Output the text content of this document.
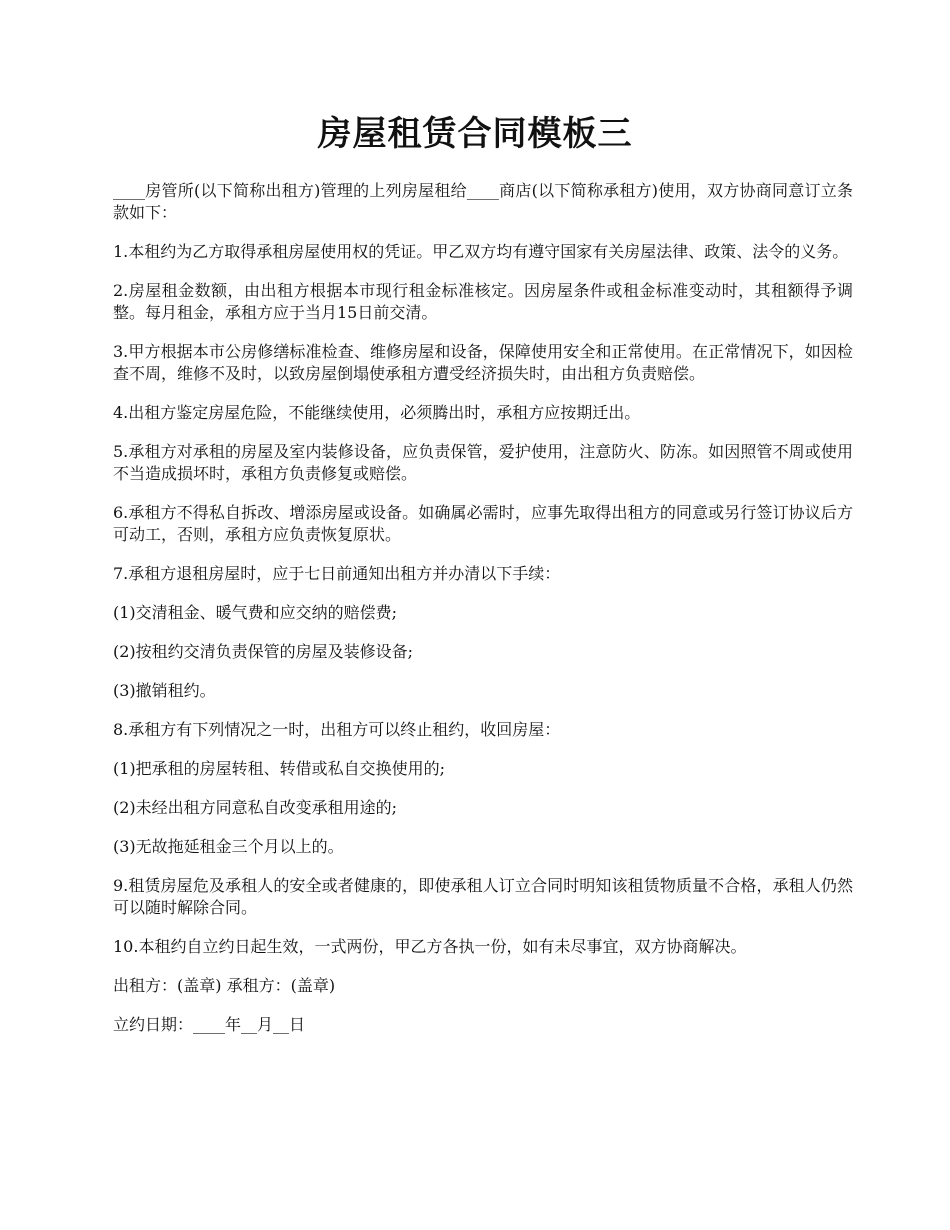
房屋租赁合同模板三

____房管所(以下简称出租方)管理的上列房屋租给____商店(以下简称承租方)使用，双方协商同意订立条款如下：

1.本租约为乙方取得承租房屋使用权的凭证。甲乙双方均有遵守国家有关房屋法律、政策、法令的义务。

2.房屋租金数额，由出租方根据本市现行租金标准核定。因房屋条件或租金标准变动时，其租额得予调整。每月租金，承租方应于当月15日前交清。

3.甲方根据本市公房修缮标准检查、维修房屋和设备，保障使用安全和正常使用。在正常情况下，如因检查不周，维修不及时，以致房屋倒塌使承租方遭受经济损失时，由出租方负责赔偿。

4.出租方鉴定房屋危险，不能继续使用，必须腾出时，承租方应按期迁出。

5.承租方对承租的房屋及室内装修设备，应负责保管，爱护使用，注意防火、防冻。如因照管不周或使用不当造成损坏时，承租方负责修复或赔偿。

6.承租方不得私自拆改、增添房屋或设备。如确属必需时，应事先取得出租方的同意或另行签订协议后方可动工，否则，承租方应负责恢复原状。

7.承租方退租房屋时，应于七日前通知出租方并办清以下手续：

(1)交清租金、暖气费和应交纳的赔偿费;

(2)按租约交清负责保管的房屋及装修设备;

(3)撤销租约。

8.承租方有下列情况之一时，出租方可以终止租约，收回房屋：

(1)把承租的房屋转租、转借或私自交换使用的;

(2)未经出租方同意私自改变承租用途的;

(3)无故拖延租金三个月以上的。

9.租赁房屋危及承租人的安全或者健康的，即使承租人订立合同时明知该租赁物质量不合格，承租人仍然可以随时解除合同。

10.本租约自立约日起生效，一式两份，甲乙方各执一份，如有未尽事宜，双方协商解决。

出租方：(盖章) 承租方：(盖章)

立约日期：____年__月__日
